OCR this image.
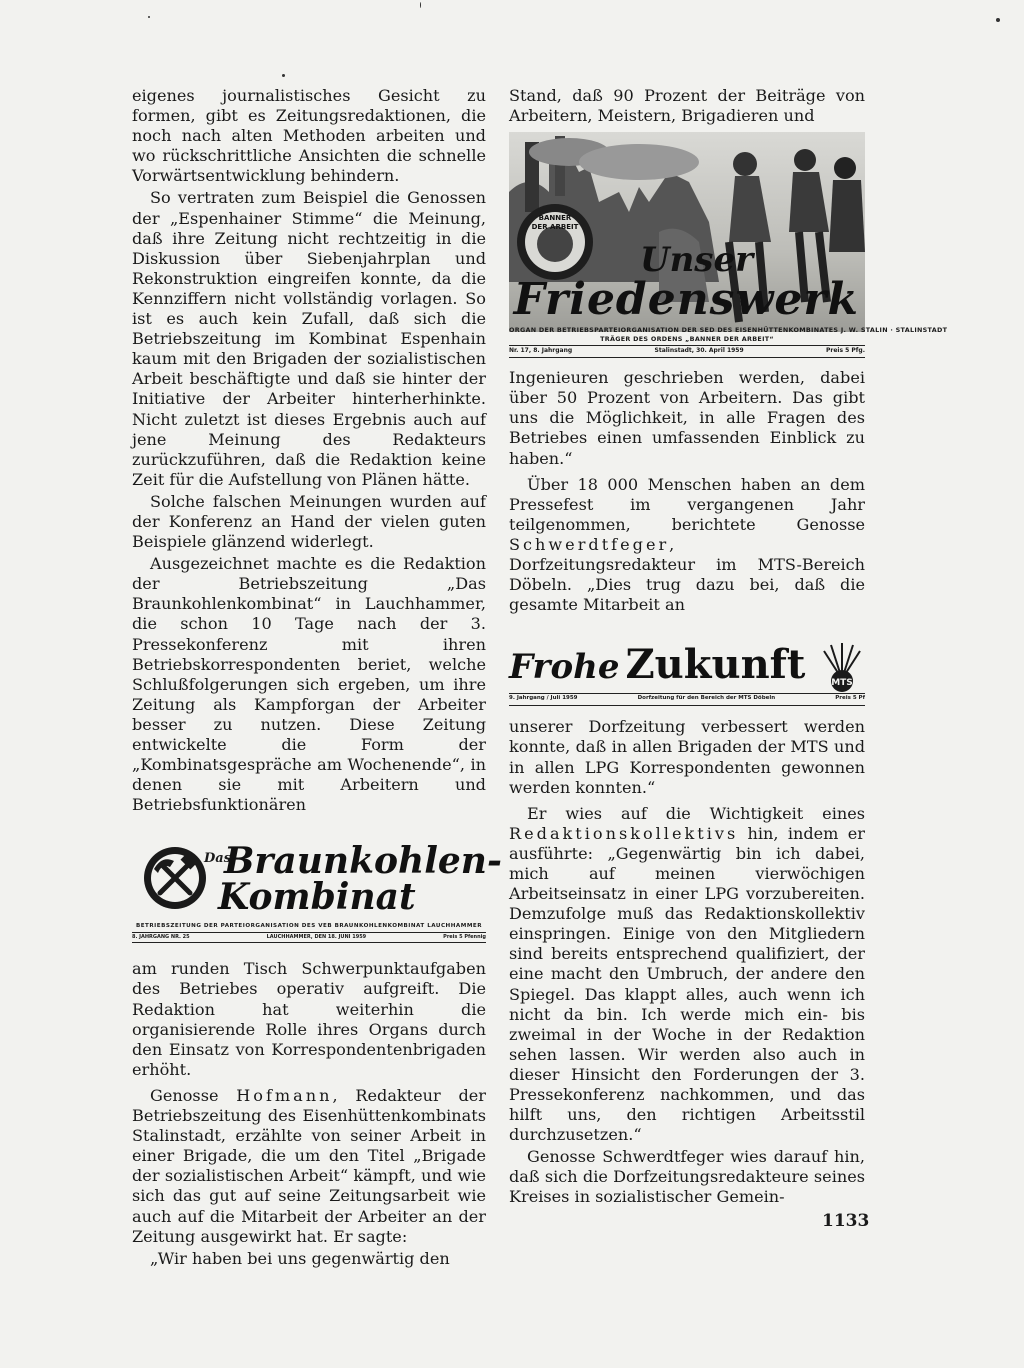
eigenes journalistisches Gesicht zu formen, gibt es Zeitungsredaktionen, die noch nach alten Methoden arbeiten und wo rückschrittliche Ansichten die schnelle Vorwärtsentwicklung behindern.

So vertraten zum Beispiel die Genossen der „Espenhainer Stimme“ die Meinung, daß ihre Zeitung nicht rechtzeitig in die Diskussion über Siebenjahrplan und Rekonstruktion eingreifen konnte, da die Kennziffern nicht vollständig vorlagen. So ist es auch kein Zufall, daß sich die Betriebszeitung im Kombinat Espenhain kaum mit den Brigaden der sozialistischen Arbeit beschäftigte und daß sie hinter der Initiative der Arbeiter hinterherhinkte. Nicht zuletzt ist dieses Ergebnis auch auf jene Meinung des Redakteurs zurückzuführen, daß die Redaktion keine Zeit für die Aufstellung von Plänen hätte.

Solche falschen Meinungen wurden auf der Konferenz an Hand der vielen guten Beispiele glänzend widerlegt.

Ausgezeichnet machte es die Redaktion der Betriebszeitung „Das Braunkohlenkombinat“ in Lauchhammer, die schon 10 Tage nach der 3. Pressekonferenz mit ihren Betriebskorrespondenten beriet, welche Schlußfolgerungen sich ergeben, um ihre Zeitung als Kampforgan der Arbeiter besser zu nutzen. Diese Zeitung entwickelte die Form der „Kombinatsgespräche am Wochenende“, in denen sie mit Arbeitern und Betriebsfunktionären

Das
Braunkohlen-
Kombinat
BETRIEBSZEITUNG DER PARTEIORGANISATION DES VEB BRAUNKOHLENKOMBINAT LAUCHHAMMER
8. JAHRGANG NR. 25	LAUCHHAMMER, DEN 18. JUNI 1959	Preis 5 Pfennig

am runden Tisch Schwerpunktaufgaben des Betriebes operativ aufgreift. Die Redaktion hat weiterhin die organisierende Rolle ihres Organs durch den Einsatz von Korrespondentenbrigaden erhöht.

Genosse Hofmann, Redakteur der Betriebszeitung des Eisenhüttenkombinats Stalinstadt, erzählte von seiner Arbeit in einer Brigade, die um den Titel „Brigade der sozialistischen Arbeit“ kämpft, und wie sich das gut auf seine Zeitungsarbeit wie auch auf die Mitarbeit der Arbeiter an der Zeitung ausgewirkt hat. Er sagte:

„Wir haben bei uns gegenwärtig den

Stand, daß 90 Prozent der Beiträge von Arbeitern, Meistern, Brigadieren und

BANNER DER ARBEIT
Unser
Friedenswerk
ORGAN DER BETRIEBSPARTEIORGANISATION DER SED DES EISENHÜTTENKOMBINATES J. W. STALIN · STALINSTADT
TRÄGER DES ORDENS „BANNER DER ARBEIT“
Nr. 17, 8. Jahrgang	Stalinstadt, 30. April 1959	Preis 5 Pfg.

Ingenieuren geschrieben werden, dabei über 50 Prozent von Arbeitern. Das gibt uns die Möglichkeit, in alle Fragen des Betriebes einen umfassenden Einblick zu haben.“

Über 18 000 Menschen haben an dem Pressefest im vergangenen Jahr teilgenommen, berichtete Genosse Schwerdtfeger, Dorfzeitungsredakteur im MTS-Bereich Döbeln. „Dies trug dazu bei, daß die gesamte Mitarbeit an

Frohe Zukunft	MTS
9. Jahrgang / Juli 1959	Dorfzeitung für den Bereich der MTS Döbeln	Preis 5 Pf

unserer Dorfzeitung verbessert werden konnte, daß in allen Brigaden der MTS und in allen LPG Korrespondenten gewonnen werden konnten.“

Er wies auf die Wichtigkeit eines Redaktionskollektivs hin, indem er ausführte: „Gegenwärtig bin ich dabei, mich auf meinen vierwöchigen Arbeitseinsatz in einer LPG vorzubereiten. Demzufolge muß das Redaktionskollektiv einspringen. Einige von den Mitgliedern sind bereits entsprechend qualifiziert, der eine macht den Umbruch, der andere den Spiegel. Das klappt alles, auch wenn ich nicht da bin. Ich werde mich ein- bis zweimal in der Woche in der Redaktion sehen lassen. Wir werden also auch in dieser Hinsicht den Forderungen der 3. Pressekonferenz nachkommen, und das hilft uns, den richtigen Arbeitsstil durchzusetzen.“

Genosse Schwerdtfeger wies darauf hin, daß sich die Dorfzeitungsredakteure seines Kreises in sozialistischer Gemein-

1133
